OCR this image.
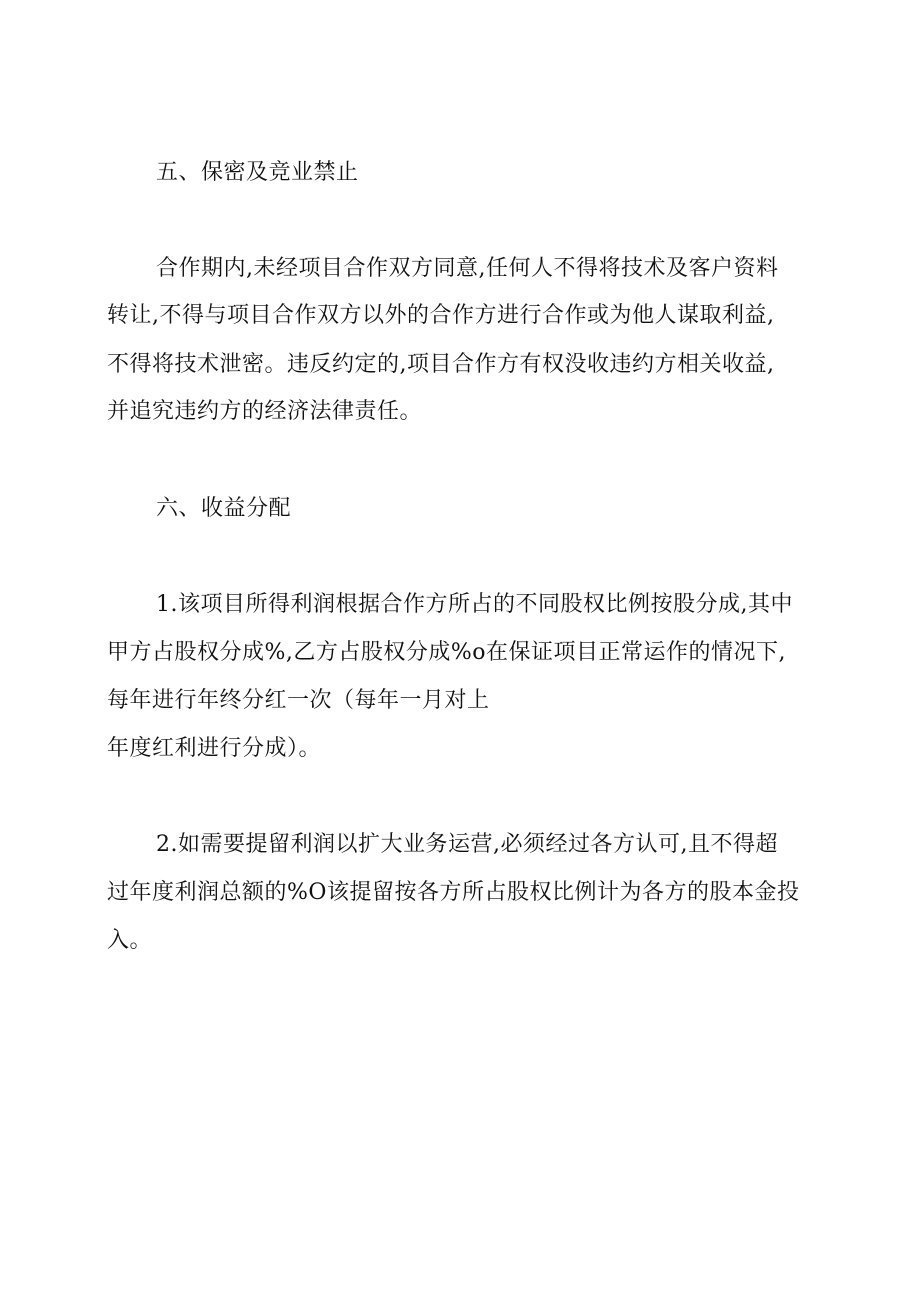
五、保密及竞业禁止
合作期内,未经项目合作双方同意,任何人不得将技术及客户资料
转让,不得与项目合作双方以外的合作方进行合作或为他人谋取利益,
不得将技术泄密。违反约定的,项目合作方有权没收违约方相关收益,
并追究违约方的经济法律责任。
六、收益分配
1.该项目所得利润根据合作方所占的不同股权比例按股分成,其中
甲方占股权分成%,乙方占股权分成%o在保证项目正常运作的情况下,
每年进行年终分红一次（每年一月对上
年度红利进行分成）。
2.如需要提留利润以扩大业务运营,必须经过各方认可,且不得超
过年度利润总额的%O该提留按各方所占股权比例计为各方的股本金投
入。
